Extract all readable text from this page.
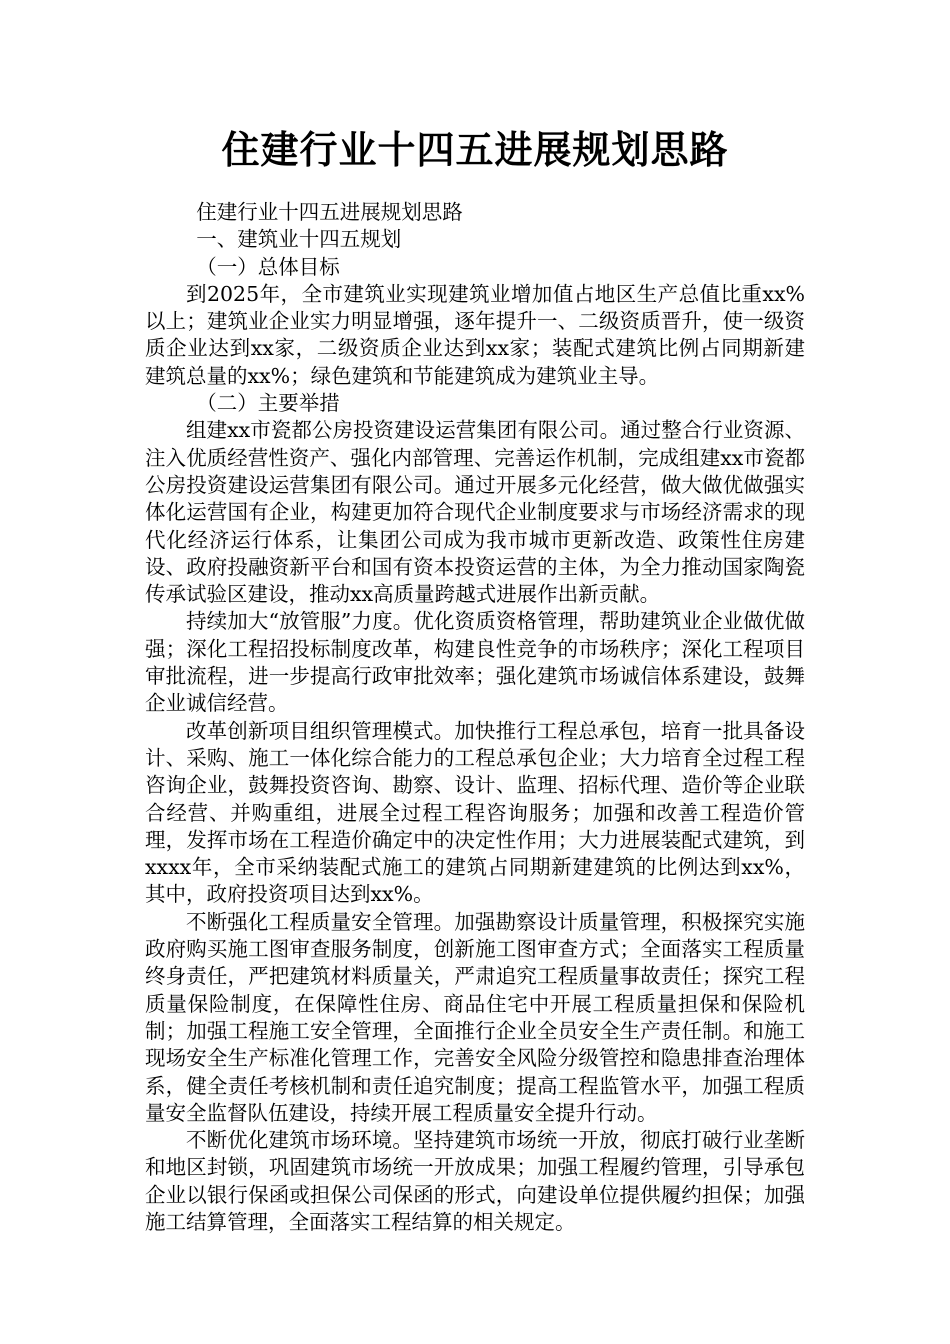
住建行业十四五进展规划思路

住建行业十四五进展规划思路

一、建筑业十四五规划

（一）总体目标

到2025年，全市建筑业实现建筑业增加值占地区生产总值比重xx%以上；建筑业企业实力明显增强，逐年提升一、二级资质晋升，使一级资质企业达到xx家，二级资质企业达到xx家；装配式建筑比例占同期新建建筑总量的xx%；绿色建筑和节能建筑成为建筑业主导。

（二）主要举措

组建xx市瓷都公房投资建设运营集团有限公司。通过整合行业资源、注入优质经营性资产、强化内部管理、完善运作机制，完成组建xx市瓷都公房投资建设运营集团有限公司。通过开展多元化经营，做大做优做强实体化运营国有企业，构建更加符合现代企业制度要求与市场经济需求的现代化经济运行体系，让集团公司成为我市城市更新改造、政策性住房建设、政府投融资新平台和国有资本投资运营的主体，为全力推动国家陶瓷传承试验区建设，推动xx高质量跨越式进展作出新贡献。

持续加大“放管服”力度。优化资质资格管理，帮助建筑业企业做优做强；深化工程招投标制度改革，构建良性竞争的市场秩序；深化工程项目审批流程，进一步提高行政审批效率；强化建筑市场诚信体系建设，鼓舞企业诚信经营。

改革创新项目组织管理模式。加快推行工程总承包，培育一批具备设计、采购、施工一体化综合能力的工程总承包企业；大力培育全过程工程咨询企业，鼓舞投资咨询、勘察、设计、监理、招标代理、造价等企业联合经营、并购重组，进展全过程工程咨询服务；加强和改善工程造价管理，发挥市场在工程造价确定中的决定性作用；大力进展装配式建筑，到xxxx年，全市采纳装配式施工的建筑占同期新建建筑的比例达到xx%，其中，政府投资项目达到xx%。

不断强化工程质量安全管理。加强勘察设计质量管理，积极探究实施政府购买施工图审查服务制度，创新施工图审查方式；全面落实工程质量终身责任，严把建筑材料质量关，严肃追究工程质量事故责任；探究工程质量保险制度，在保障性住房、商品住宅中开展工程质量担保和保险机制；加强工程施工安全管理，全面推行企业全员安全生产责任制。和施工现场安全生产标准化管理工作，完善安全风险分级管控和隐患排查治理体系，健全责任考核机制和责任追究制度；提高工程监管水平，加强工程质量安全监督队伍建设，持续开展工程质量安全提升行动。

不断优化建筑市场环境。坚持建筑市场统一开放，彻底打破行业垄断和地区封锁，巩固建筑市场统一开放成果；加强工程履约管理，引导承包企业以银行保函或担保公司保函的形式，向建设单位提供履约担保；加强施工结算管理，全面落实工程结算的相关规定。
